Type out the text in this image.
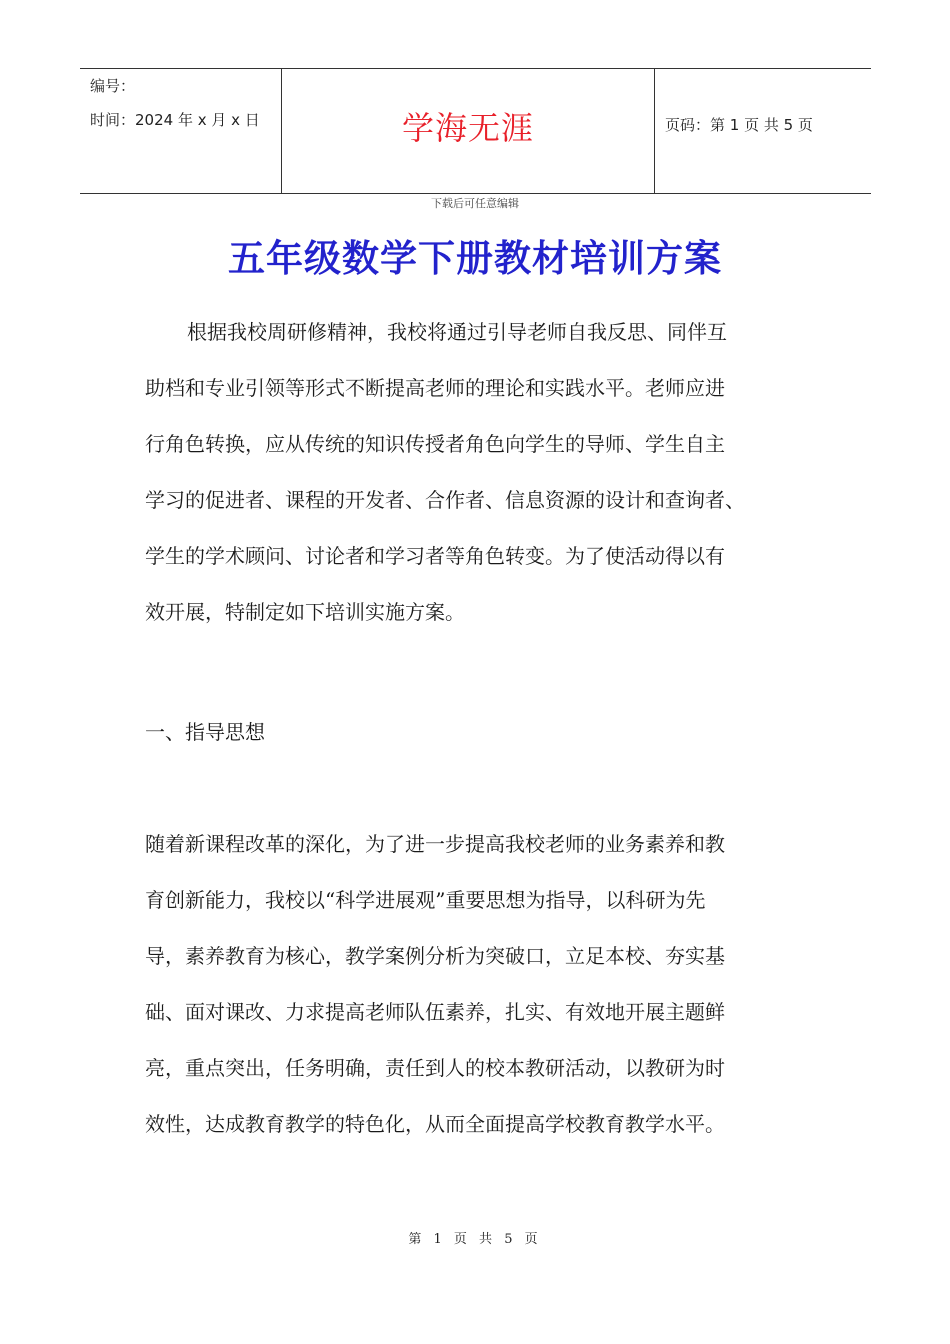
编号：
时间：2024 年 x 月 x 日	学海无涯	页码：第 1 页 共 5 页
下载后可任意编辑
五年级数学下册教材培训方案
根据我校周研修精神，我校将通过引导老师自我反思、同伴互
助档和专业引领等形式不断提高老师的理论和实践水平。老师应进
行角色转换，应从传统的知识传授者角色向学生的导师、学生自主
学习的促进者、课程的开发者、合作者、信息资源的设计和查询者、
学生的学术顾问、讨论者和学习者等角色转变。为了使活动得以有
效开展，特制定如下培训实施方案。
一、指导思想
随着新课程改革的深化，为了进一步提高我校老师的业务素养和教
育创新能力，我校以“科学进展观”重要思想为指导，以科研为先
导，素养教育为核心，教学案例分析为突破口，立足本校、夯实基
础、面对课改、力求提高老师队伍素养，扎实、有效地开展主题鲜
亮，重点突出，任务明确，责任到人的校本教研活动，以教研为时
效性，达成教育教学的特色化，从而全面提高学校教育教学水平。
第 1 页 共 5 页
